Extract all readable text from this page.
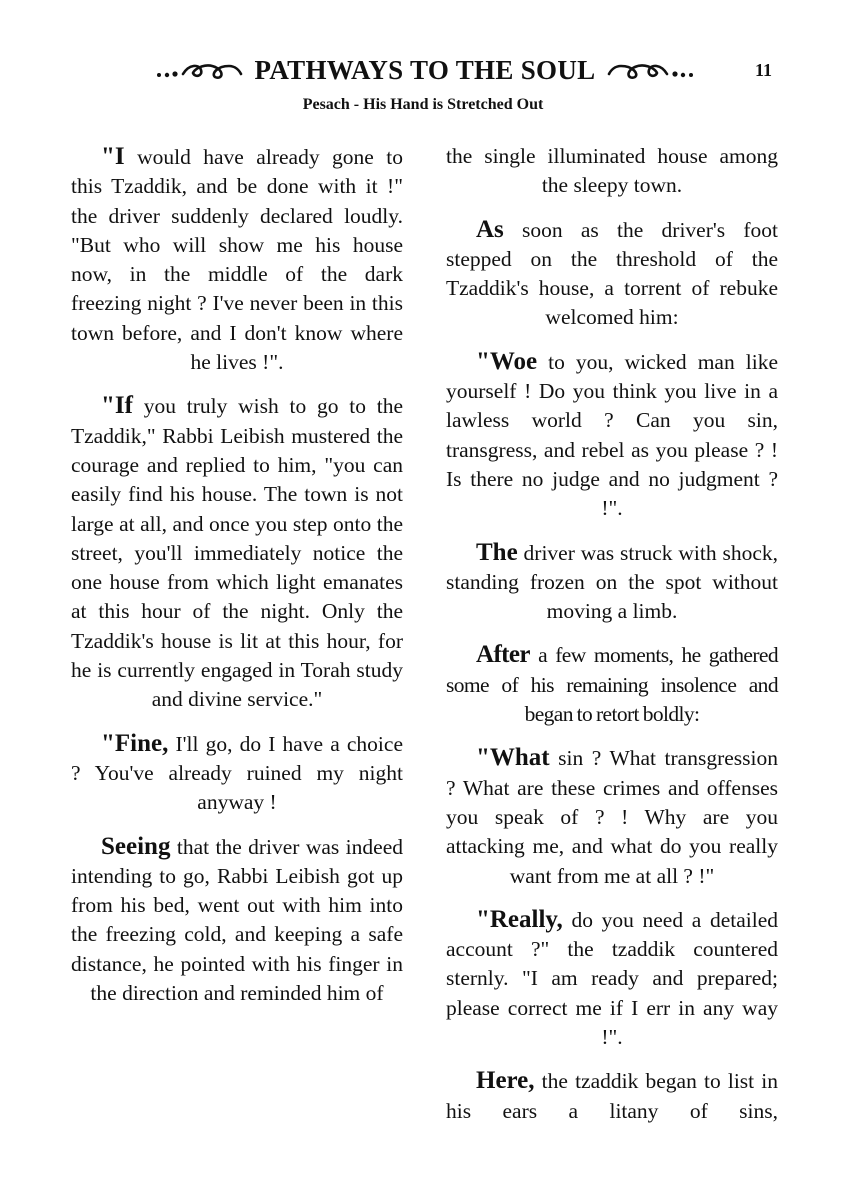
PATHWAYS TO THE SOUL	11
Pesach - His Hand is Stretched Out

"I would have already gone to this Tzaddik, and be done with it !" the driver suddenly declared loudly. "But who will show me his house now, in the middle of the dark freezing night ? I've never been in this town before, and I don't know where he lives !".

"If you truly wish to go to the Tzaddik," Rabbi Leibish mustered the courage and replied to him, "you can easily find his house. The town is not large at all, and once you step onto the street, you'll immediately notice the one house from which light emanates at this hour of the night. Only the Tzaddik's house is lit at this hour, for he is currently engaged in Torah study and divine service."

"Fine, I'll go, do I have a choice ? You've already ruined my night anyway !

Seeing that the driver was indeed intending to go, Rabbi Leibish got up from his bed, went out with him into the freezing cold, and keeping a safe distance, he pointed with his finger in the direction and reminded him of

the single illuminated house among the sleepy town.

As soon as the driver's foot stepped on the threshold of the Tzaddik's house, a torrent of rebuke welcomed him:

"Woe to you, wicked man like yourself ! Do you think you live in a lawless world ? Can you sin, transgress, and rebel as you please ? ! Is there no judge and no judgment ? !".

The driver was struck with shock, standing frozen on the spot without moving a limb.

After a few moments, he gathered some of his remaining insolence and began to retort boldly:

"What sin ? What transgression ? What are these crimes and offenses you speak of ? ! Why are you attacking me, and what do you really want from me at all ? !"

"Really, do you need a detailed account ?" the tzaddik countered sternly. "I am ready and prepared; please correct me if I err in any way !".

Here, the tzaddik began to list in his ears a litany of sins,
